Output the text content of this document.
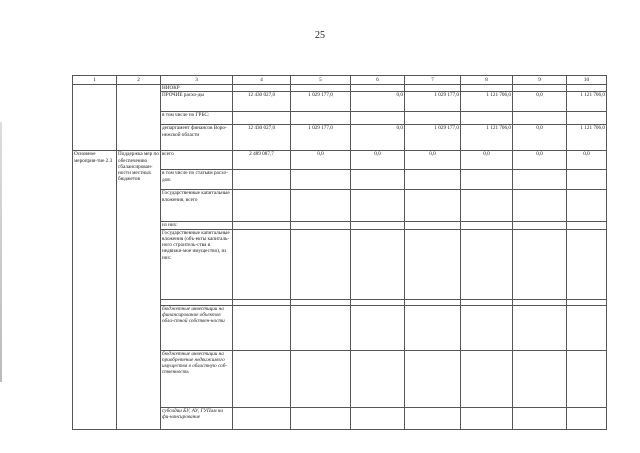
25
1	2	3	4	5	6	7	8	9	10
		НИОКР							
		ПРОЧИЕ расхо-ды	12 430 027,0	1 029 177,0	0,0	1 029 177,0	1 121 706,0	0,0	1 121 706,0
		в том числе по ГРБС:							
		департамент финансов Воро-нежской области	12 430 027,0	1 029 177,0	0,0	1 029 177,0	1 121 706,0	0,0	1 121 706,0
Основное мероприя-тие 2.3	Поддержка мер по обеспечению сбалансирован-ности местных бюджетов	всего	2 489 087,7	0,0	0,0	0,0	0,0	0,0	0,0
		в том числе по статьям расхо-дов:							
		Государственные капитальные вложения, всего							
		из них:							
		Государственные капитальные вложения (объ-екты капиталь-ного строитель-ства и недвижи-мое имущество), из них:							

		бюджетные инвестиции на финансирование объектов обла-стной собствен-ности							
		бюджетные инвестиции на приобретение недвижимого имущества в областную соб-ственность							
		субсидии БУ, АУ, ГУПам на фи-нансирование							
